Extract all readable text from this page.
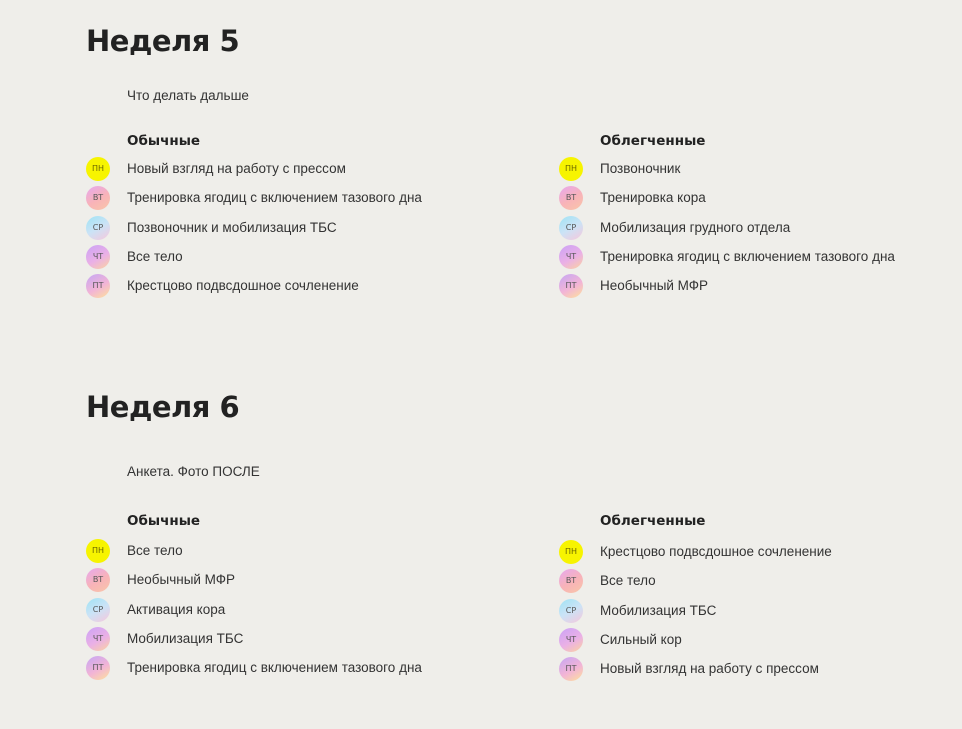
Неделя 5
Что делать дальше
Обычные
ПН	Новый взгляд на работу с прессом
ВТ	Тренировка ягодиц с включением тазового дна
СР	Позвоночник и мобилизация ТБС
ЧТ	Все тело
ПТ	Крестцово подвсдошное сочленение
Облегченные
ПН	Позвоночник
ВТ	Тренировка кора
СР	Мобилизация грудного отдела
ЧТ	Тренировка ягодиц с включением тазового дна
ПТ	Необычный МФР
Неделя 6
Анкета. Фото ПОСЛЕ
Обычные
ПН	Все тело
ВТ	Необычный МФР
СР	Активация кора
ЧТ	Мобилизация ТБС
ПТ	Тренировка ягодиц с включением тазового дна
Облегченные
ПН	Крестцово подвсдошное сочленение
ВТ	Все тело
СР	Мобилизация ТБС
ЧТ	Сильный кор
ПТ	Новый взгляд на работу с прессом
